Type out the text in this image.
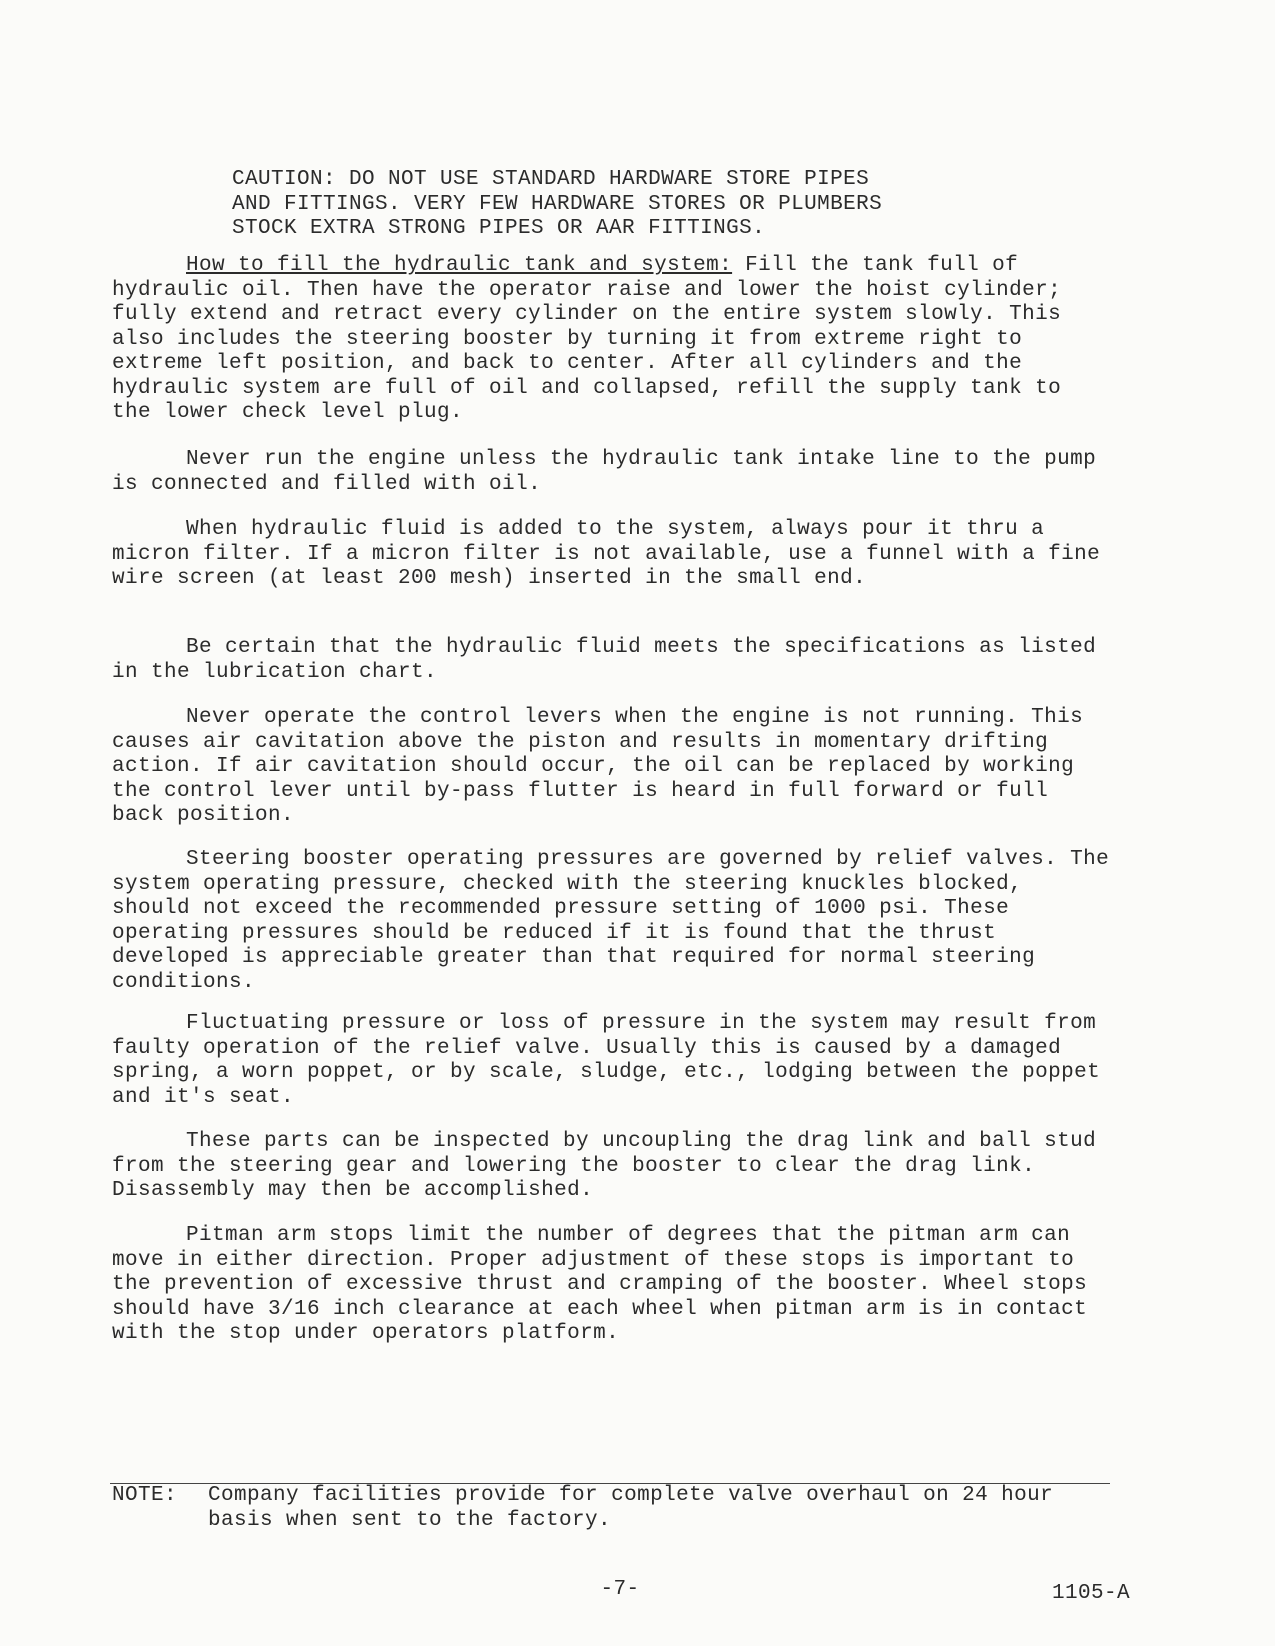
CAUTION: DO NOT USE STANDARD HARDWARE STORE PIPES
AND FITTINGS. VERY FEW HARDWARE STORES OR PLUMBERS
STOCK EXTRA STRONG PIPES OR AAR FITTINGS.

How to fill the hydraulic tank and system: Fill the tank full of hydraulic oil. Then have the operator raise and lower the hoist cylinder; fully extend and retract every cylinder on the entire system slowly. This also includes the steering booster by turning it from extreme right to extreme left position, and back to center. After all cylinders and the hydraulic system are full of oil and collapsed, refill the supply tank to the lower check level plug.

Never run the engine unless the hydraulic tank intake line to the pump is connected and filled with oil.

When hydraulic fluid is added to the system, always pour it thru a micron filter. If a micron filter is not available, use a funnel with a fine wire screen (at least 200 mesh) inserted in the small end.

Be certain that the hydraulic fluid meets the specifications as listed in the lubrication chart.

Never operate the control levers when the engine is not running. This causes air cavitation above the piston and results in momentary drifting action. If air cavitation should occur, the oil can be replaced by working the control lever until by-pass flutter is heard in full forward or full back position.

Steering booster operating pressures are governed by relief valves. The system operating pressure, checked with the steering knuckles blocked, should not exceed the recommended pressure setting of 1000 psi. These operating pressures should be reduced if it is found that the thrust developed is appreciable greater than that required for normal steering conditions.

Fluctuating pressure or loss of pressure in the system may result from faulty operation of the relief valve. Usually this is caused by a damaged spring, a worn poppet, or by scale, sludge, etc., lodging between the poppet and it's seat.

These parts can be inspected by uncoupling the drag link and ball stud from the steering gear and lowering the booster to clear the drag link. Disassembly may then be accomplished.

Pitman arm stops limit the number of degrees that the pitman arm can move in either direction. Proper adjustment of these stops is important to the prevention of excessive thrust and cramping of the booster. Wheel stops should have 3/16 inch clearance at each wheel when pitman arm is in contact with the stop under operators platform.

NOTE:	Company facilities provide for complete valve overhaul on 24 hour basis when sent to the factory.
-7-	1105-A
